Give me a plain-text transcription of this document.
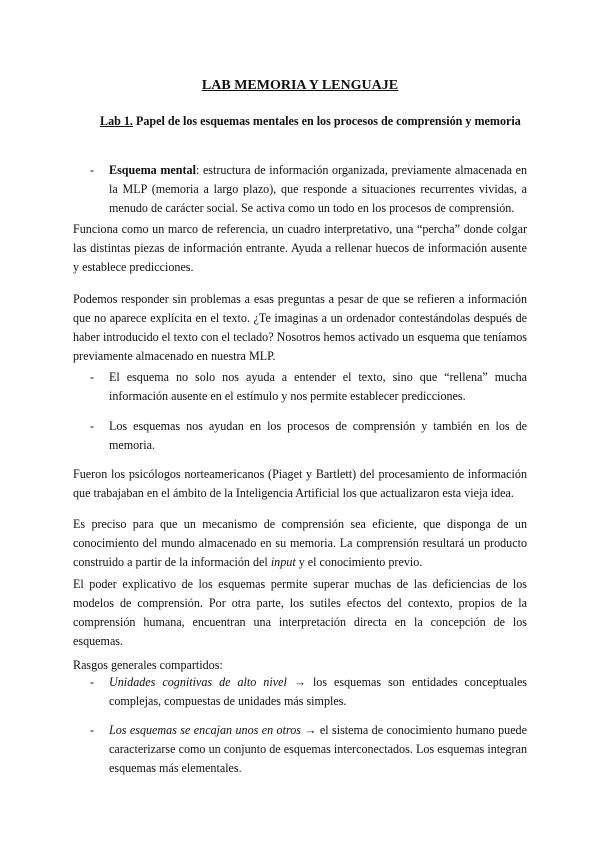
LAB MEMORIA Y LENGUAJE

Lab 1. Papel de los esquemas mentales en los procesos de comprensión y memoria

- Esquema mental: estructura de información organizada, previamente almacenada en la MLP (memoria a largo plazo), que responde a situaciones recurrentes vividas, a menudo de carácter social. Se activa como un todo en los procesos de comprensión.

Funciona como un marco de referencia, un cuadro interpretativo, una “percha” donde colgar las distintas piezas de información entrante. Ayuda a rellenar huecos de información ausente y establece predicciones.

Podemos responder sin problemas a esas preguntas a pesar de que se refieren a información que no aparece explícita en el texto. ¿Te imaginas a un ordenador contestándolas después de haber introducido el texto con el teclado? Nosotros hemos activado un esquema que teníamos previamente almacenado en nuestra MLP.

- El esquema no solo nos ayuda a entender el texto, sino que “rellena” mucha información ausente en el estímulo y nos permite establecer predicciones.

- Los esquemas nos ayudan en los procesos de comprensión y también en los de memoria.

Fueron los psicólogos norteamericanos (Piaget y Bartlett) del procesamiento de información que trabajaban en el ámbito de la Inteligencia Artificial los que actualizaron esta vieja idea.

Es preciso para que un mecanismo de comprensión sea eficiente, que disponga de un conocimiento del mundo almacenado en su memoria. La comprensión resultará un producto construido a partir de la información del input y el conocimiento previo.

El poder explicativo de los esquemas permite superar muchas de las deficiencias de los modelos de comprensión. Por otra parte, los sutiles efectos del contexto, propios de la comprensión humana, encuentran una interpretación directa en la concepción de los esquemas.

Rasgos generales compartidos:

- Unidades cognitivas de alto nivel → los esquemas son entidades conceptuales complejas, compuestas de unidades más simples.

- Los esquemas se encajan unos en otros → el sistema de conocimiento humano puede caracterizarse como un conjunto de esquemas interconectados. Los esquemas integran esquemas más elementales.
